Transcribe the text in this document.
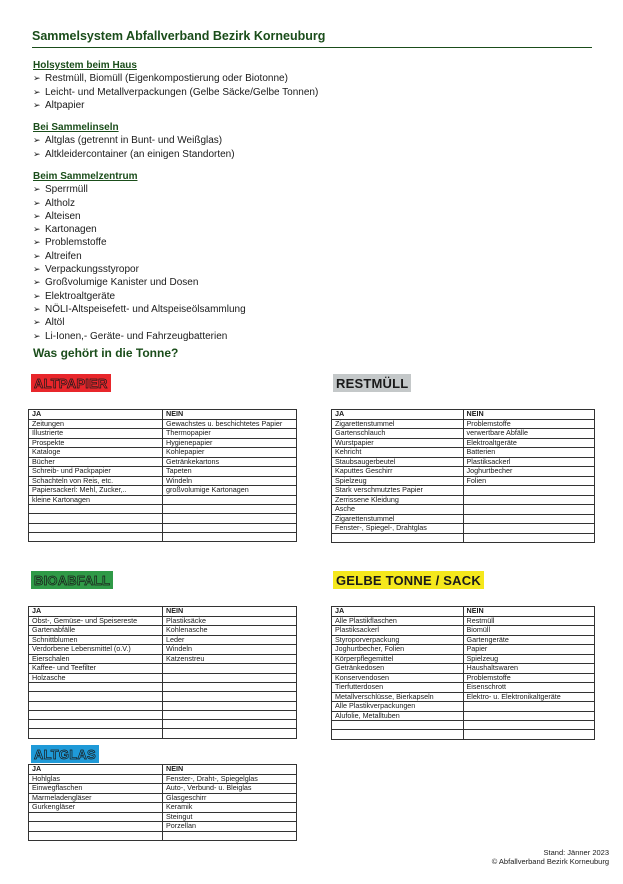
Sammelsystem Abfallverband Bezirk Korneuburg
Holsystem beim Haus
➢ Restmüll, Biomüll (Eigenkompostierung oder Biotonne)
➢ Leicht- und Metallverpackungen (Gelbe Säcke/Gelbe Tonnen)
➢ Altpapier
Bei Sammelinseln
➢ Altglas (getrennt in Bunt- und Weißglas)
➢ Altkleidercontainer (an einigen Standorten)
Beim Sammelzentrum
➢ Sperrmüll
➢ Altholz
➢ Alteisen
➢ Kartonagen
➢ Problemstoffe
➢ Altreifen
➢ Verpackungsstyropor
➢ Großvolumige Kanister und Dosen
➢ Elektroaltgeräte
➢ NÖLI-Altspeisefett- und Altspeiseölsammlung
➢ Altöl
➢ Li-Ionen,- Geräte- und Fahrzeugbatterien
Was gehört in die Tonne?
ALTPAPIER
JA	NEIN
Zeitungen	Gewachstes u. beschichtetes Papier
Illustrierte	Thermopapier
Prospekte	Hygienepapier
Kataloge	Kohlepapier
Bücher	Getränkekartons
Schreib- und Packpapier	Tapeten
Schachteln von Reis, etc.	Windeln
Papiersackerl: Mehl, Zucker,..	großvolumige Kartonagen
kleine Kartonagen	

RESTMÜLL
JA	NEIN
Zigarettenstummel	Problemstoffe
Gartenschlauch	verwertbare Abfälle
Wurstpapier	Elektroaltgeräte
Kehricht	Batterien
Staubsaugerbeutel	Plastiksackerl
Kaputtes Geschirr	Joghurtbecher
Spielzeug	Folien
Stark verschmutztes Papier	
Zerrissene Kleidung	
Asche	
Zigarettenstummel	
Fenster-, Spiegel-, Drahtglas	

BIOABFALL
JA	NEIN
Obst-, Gemüse- und Speisereste	Plastiksäcke
Gartenabfälle	Kohlenasche
Schnittblumen	Leder
Verdorbene Lebensmittel (o.V.)	Windeln
Eierschalen	Katzenstreu
Kaffee- und Teefilter	
Holzasche	

GELBE TONNE / SACK
JA	NEIN
Alle Plastikflaschen	Restmüll
Plastiksackerl	Biomüll
Styroporverpackung	Gartengeräte
Joghurtbecher, Folien	Papier
Körperpflegemittel	Spielzeug
Getränkedosen	Haushaltswaren
Konservendosen	Problemstoffe
Tierfutterdosen	Eisenschrott
Metallverschlüsse, Bierkapseln	Elektro- u. Elektronikaltgeräte
Alle Plastikverpackungen	
Alufolie, Metalltuben	

ALTGLAS
JA	NEIN
Hohlglas	Fenster-, Draht-, Spiegelglas
Einwegflaschen	Auto-, Verbund- u. Bleiglas
Marmeladengläser	Glasgeschirr
Gurkengläser	Keramik
	Steingut
	Porzellan

Stand: Jänner 2023
© Abfallverband Bezirk Korneuburg
